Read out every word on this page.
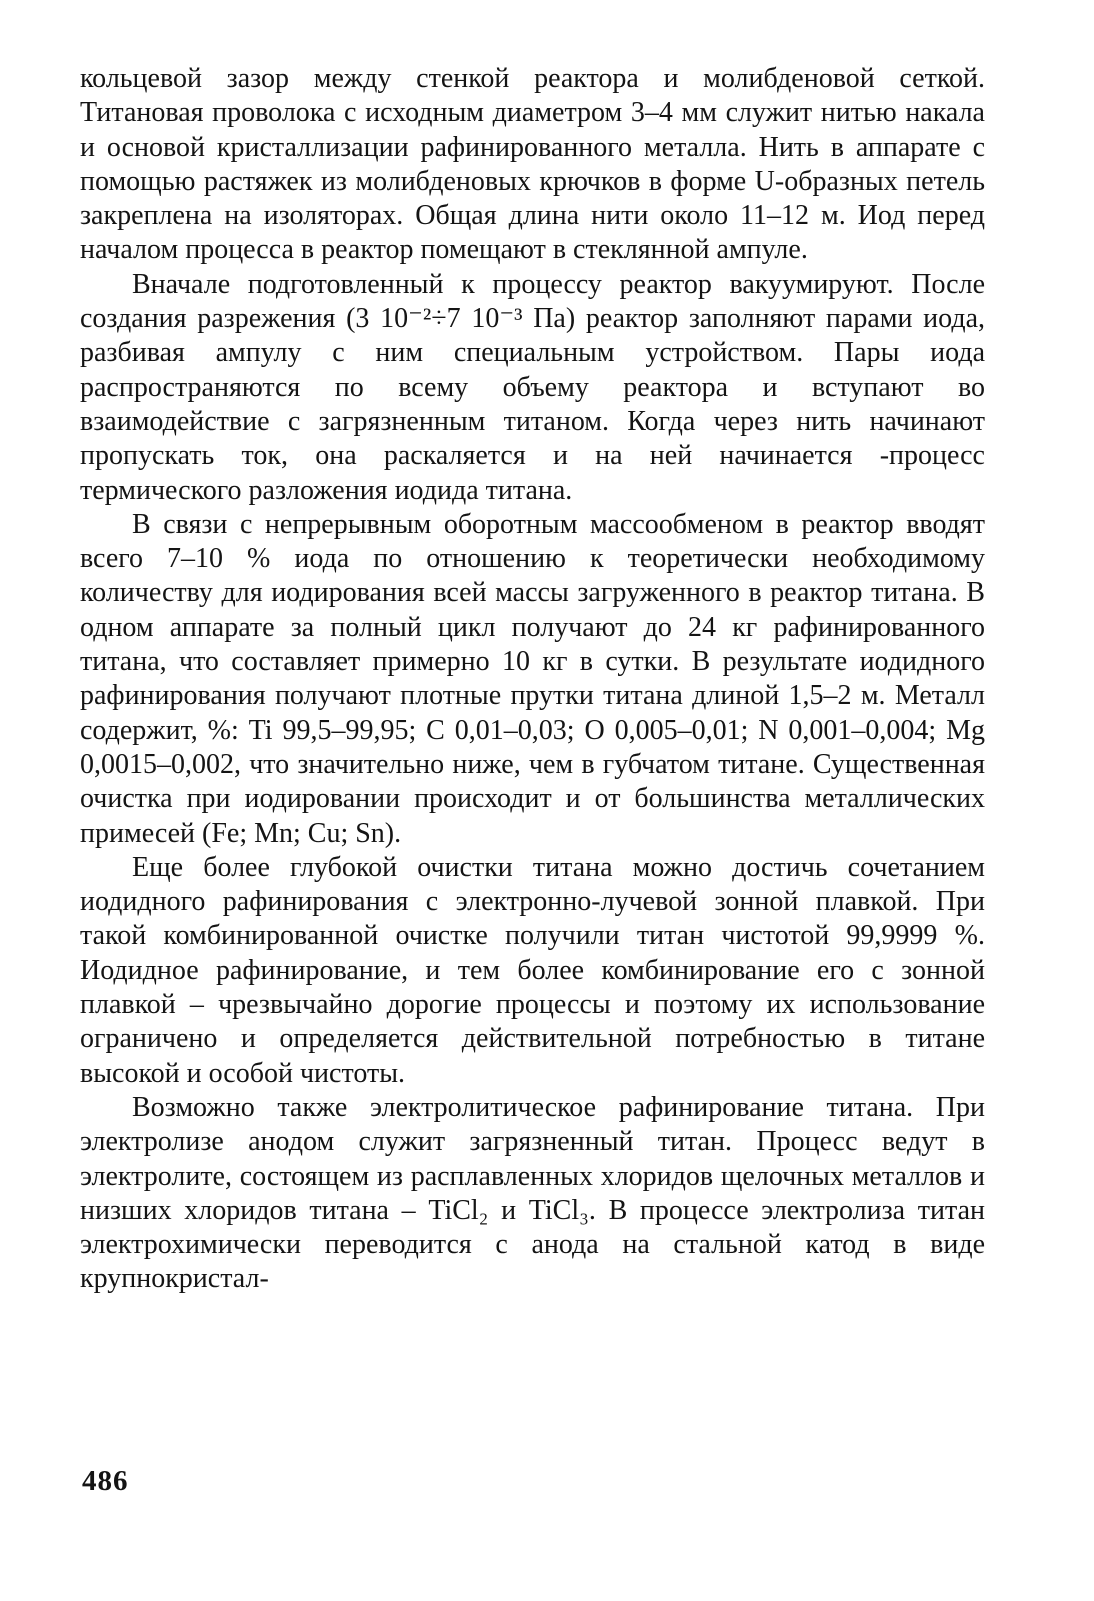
кольцевой зазор между стенкой реактора и молибденовой сеткой. Титановая проволока с исходным диаметром 3–4 мм служит нитью накала и основой кристаллизации рафинированного металла. Нить в аппарате с помощью растяжек из молибденовых крючков в форме U-образных петель закреплена на изоляторах. Общая длина нити около 11–12 м. Иод перед началом процесса в реактор помещают в стеклянной ампуле.

Вначале подготовленный к процессу реактор вакуумируют. После создания разрежения (3 10⁻²÷7 10⁻³ Па) реактор заполняют парами иода, разбивая ампулу с ним специальным устройством. Пары иода распространяются по всему объему реактора и вступают во взаимодействие с загрязненным титаном. Когда через нить начинают пропускать ток, она раскаляется и на ней начинается -процесс термического разложения иодида титана.

В связи с непрерывным оборотным массообменом в реактор вводят всего 7–10 % иода по отношению к теоретически необходимому количеству для иодирования всей массы загруженного в реактор титана. В одном аппарате за полный цикл получают до 24 кг рафинированного титана, что составляет примерно 10 кг в сутки. В результате иодидного рафинирования получают плотные прутки титана длиной 1,5–2 м. Металл содержит, %: Ti 99,5–99,95; C 0,01–0,03; O 0,005–0,01; N 0,001–0,004; Mg 0,0015–0,002, что значительно ниже, чем в губчатом титане. Существенная очистка при иодировании происходит и от большинства металлических примесей (Fe; Mn; Cu; Sn).

Еще более глубокой очистки титана можно достичь сочетанием иодидного рафинирования с электронно-лучевой зонной плавкой. При такой комбинированной очистке получили титан чистотой 99,9999 %. Иодидное рафинирование, и тем более комбинирование его с зонной плавкой – чрезвычайно дорогие процессы и поэтому их использование ограничено и определяется действительной потребностью в титане высокой и особой чистоты.

Возможно также электролитическое рафинирование титана. При электролизе анодом служит загрязненный титан. Процесс ведут в электролите, состоящем из расплавленных хлоридов щелочных металлов и низших хлоридов титана – TiCl₂ и TiCl₃. В процессе электролиза титан электрохимически переводится с анода на стальной катод в виде крупнокристал-

486
